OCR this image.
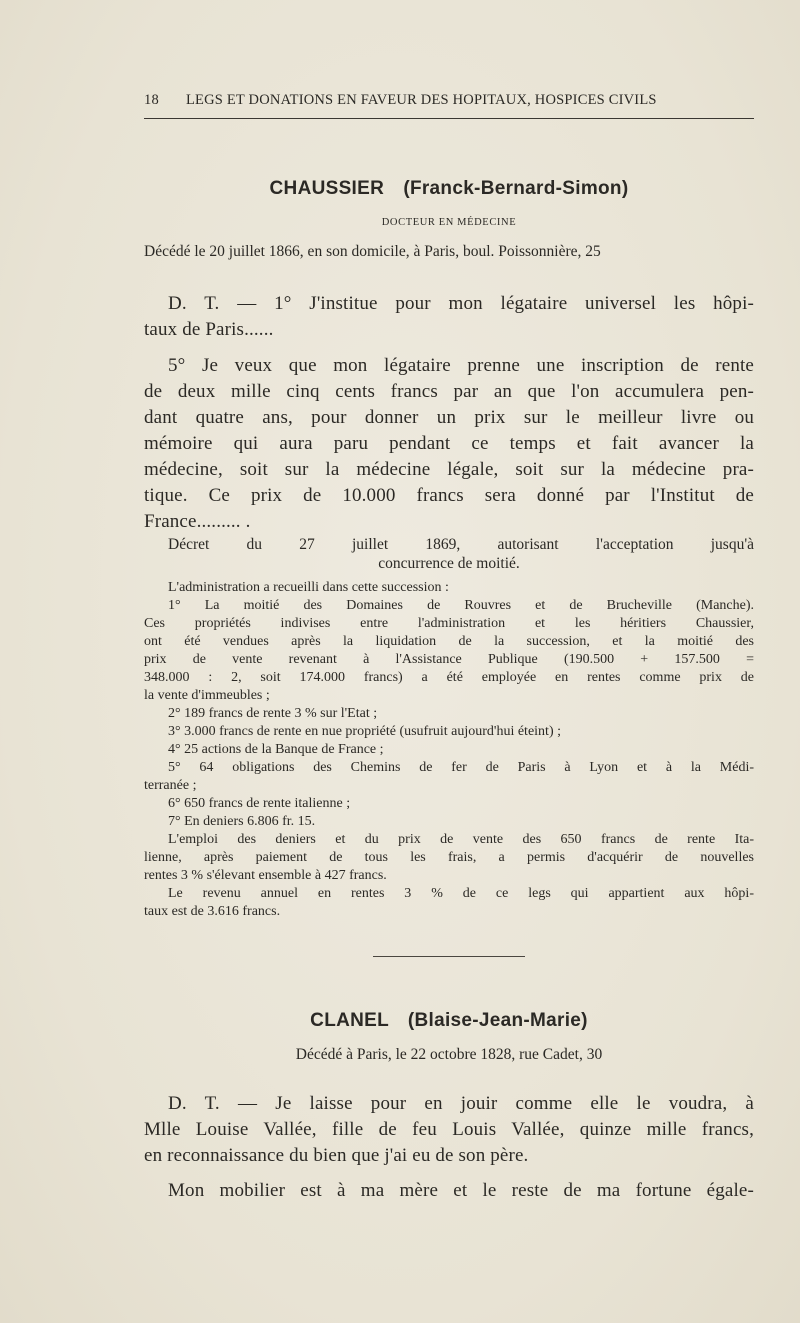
18 LEGS ET DONATIONS EN FAVEUR DES HOPITAUX, HOSPICES CIVILS
CHAUSSIER (Franck-Bernard-Simon)
DOCTEUR EN MÉDECINE
Décédé le 20 juillet 1866, en son domicile, à Paris, boul. Poissonnière, 25
D. T. — 1° J'institue pour mon légataire universel les hôpi-
taux de Paris......
5° Je veux que mon légataire prenne une inscription de rente
de deux mille cinq cents francs par an que l'on accumulera pen-
dant quatre ans, pour donner un prix sur le meilleur livre ou
mémoire qui aura paru pendant ce temps et fait avancer la
médecine, soit sur la médecine légale, soit sur la médecine pra-
tique. Ce prix de 10.000 francs sera donné par l'Institut de
France......... .
Décret du 27 juillet 1869, autorisant l'acceptation jusqu'à
concurrence de moitié.
L'administration a recueilli dans cette succession :
1° La moitié des Domaines de Rouvres et de Brucheville (Manche).
Ces propriétés indivises entre l'administration et les héritiers Chaussier,
ont été vendues après la liquidation de la succession, et la moitié des
prix de vente revenant à l'Assistance Publique (190.500 + 157.500 =
348.000 : 2, soit 174.000 francs) a été employée en rentes comme prix de
la vente d'immeubles ;
2° 189 francs de rente 3 % sur l'Etat ;
3° 3.000 francs de rente en nue propriété (usufruit aujourd'hui éteint) ;
4° 25 actions de la Banque de France ;
5° 64 obligations des Chemins de fer de Paris à Lyon et à la Médi-
terranée ;
6° 650 francs de rente italienne ;
7° En deniers 6.806 fr. 15.
L'emploi des deniers et du prix de vente des 650 francs de rente Ita-
lienne, après paiement de tous les frais, a permis d'acquérir de nouvelles
rentes 3 % s'élevant ensemble à 427 francs.
Le revenu annuel en rentes 3 % de ce legs qui appartient aux hôpi-
taux est de 3.616 francs.
CLANEL (Blaise-Jean-Marie)
Décédé à Paris, le 22 octobre 1828, rue Cadet, 30
D. T. — Je laisse pour en jouir comme elle le voudra, à
Mlle Louise Vallée, fille de feu Louis Vallée, quinze mille francs,
en reconnaissance du bien que j'ai eu de son père.
Mon mobilier est à ma mère et le reste de ma fortune égale-
